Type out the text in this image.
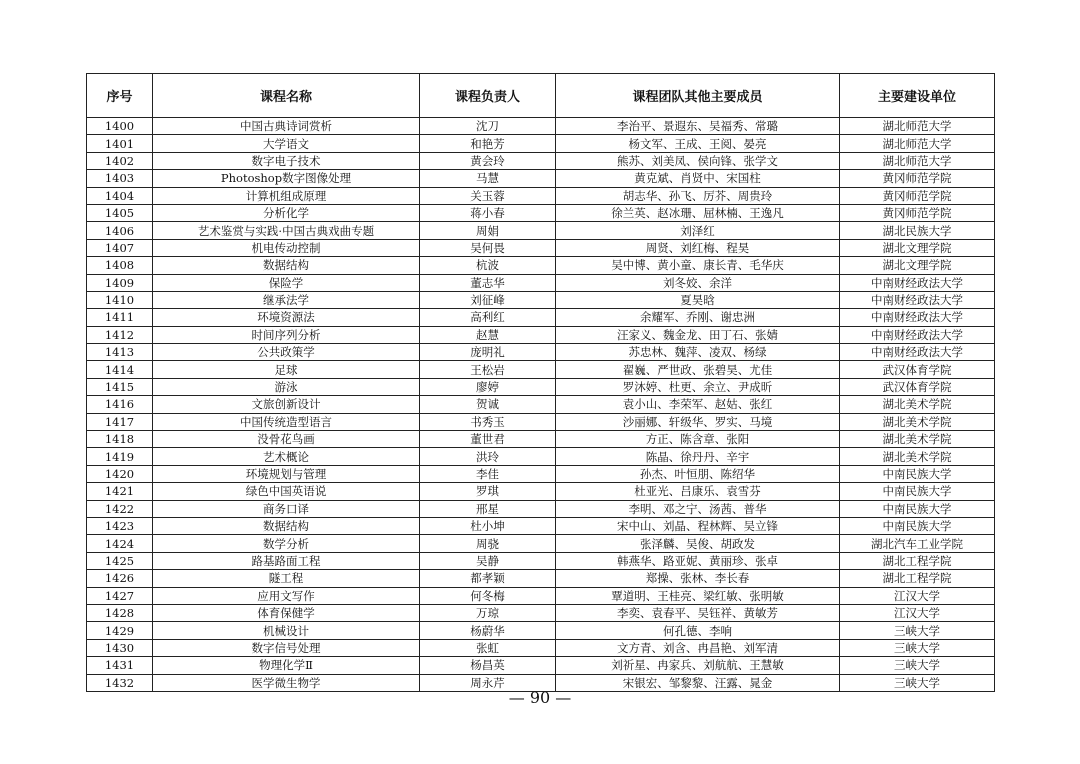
序号	课程名称	课程负责人	课程团队其他主要成员	主要建设单位
1400	中国古典诗词赏析	沈刀	李治平、景遐东、吴福秀、常璐	湖北师范大学
1401	大学语文	和艳芳	杨文军、王成、王阅、晏亮	湖北师范大学
1402	数字电子技术	黄会玲	熊苏、刘美凤、侯向锋、张学文	湖北师范大学
1403	Photoshop数字图像处理	马慧	黄克斌、肖贤中、宋国柱	黄冈师范学院
1404	计算机组成原理	关玉蓉	胡志华、孙飞、厉芥、周贵玲	黄冈师范学院
1405	分析化学	蒋小春	徐兰英、赵冰珊、屈林楠、王逸凡	黄冈师范学院
1406	艺术鉴赏与实践·中国古典戏曲专题	周娟	刘泽红	湖北民族大学
1407	机电传动控制	吴何畏	周贤、刘红梅、程昊	湖北文理学院
1408	数据结构	杭波	吴中博、黄小童、康长青、毛华庆	湖北文理学院
1409	保险学	董志华	刘冬姣、余洋	中南财经政法大学
1410	继承法学	刘征峰	夏昊晗	中南财经政法大学
1411	环境资源法	高利红	余耀军、乔刚、谢忠洲	中南财经政法大学
1412	时间序列分析	赵慧	汪家义、魏金龙、田丁石、张婧	中南财经政法大学
1413	公共政策学	庞明礼	苏忠林、魏萍、凌双、杨绿	中南财经政法大学
1414	足球	王松岩	翟巍、严世政、张碧昊、尤佳	武汉体育学院
1415	游泳	廖婷	罗沐婷、杜更、余立、尹成昕	武汉体育学院
1416	文旅创新设计	贺诚	袁小山、李荣军、赵姑、张红	湖北美术学院
1417	中国传统造型语言	书秀玉	沙丽娜、轩级华、罗实、马境	湖北美术学院
1418	没骨花鸟画	董世君	方正、陈含章、张阳	湖北美术学院
1419	艺术概论	洪玲	陈晶、徐丹丹、辛宇	湖北美术学院
1420	环境规划与管理	李佳	孙杰、叶恒朋、陈绍华	中南民族大学
1421	绿色中国英语说	罗琪	杜亚光、吕康乐、袁雪芬	中南民族大学
1422	商务口译	邢星	李明、邓之宁、汤茜、普华	中南民族大学
1423	数据结构	杜小坤	宋中山、刘晶、程林辉、吴立锋	中南民族大学
1424	数学分析	周骁	张泽麟、吴俊、胡政发	湖北汽车工业学院
1425	路基路面工程	吴静	韩燕华、路亚妮、黄丽珍、张卓	湖北工程学院
1426	隧工程	都孝颖	郑操、张林、李长春	湖北工程学院
1427	应用文写作	何冬梅	覃道明、王桂亮、梁红敏、张明敏	江汉大学
1428	体育保健学	万琼	李奕、袁春平、吴钰祥、黄敏芳	江汉大学
1429	机械设计	杨蔚华	何孔德、李响	三峡大学
1430	数字信号处理	张虹	文方青、刘含、冉昌艳、刘军清	三峡大学
1431	物理化学Ⅱ	杨昌英	刘祈星、冉家兵、刘航航、王慧敏	三峡大学
1432	医学微生物学	周永芹	宋银宏、邹黎黎、汪露、晁金	三峡大学
— 90 —
